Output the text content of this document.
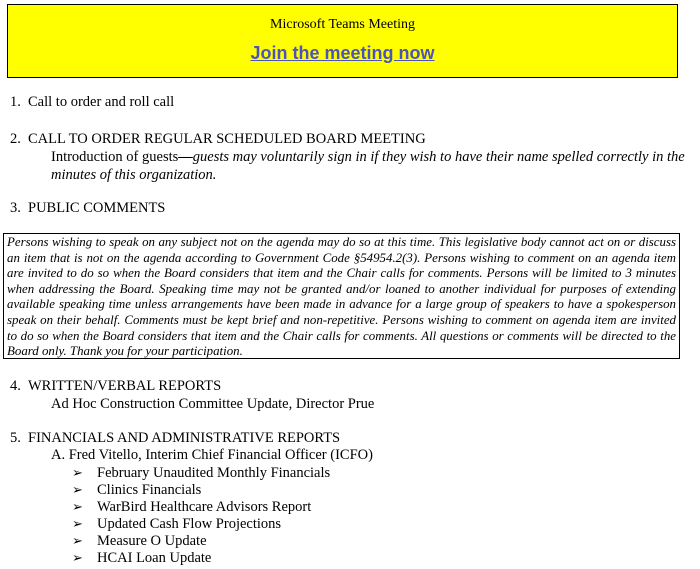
Microsoft Teams Meeting
Join the meeting now
1. Call to order and roll call
2. CALL TO ORDER REGULAR SCHEDULED BOARD MEETING
Introduction of guests—guests may voluntarily sign in if they wish to have their name spelled correctly in the
minutes of this organization.
3. PUBLIC COMMENTS
Persons wishing to speak on any subject not on the agenda may do so at this time. This legislative body cannot act on or discuss an item that is not on the agenda according to Government Code §54954.2(3). Persons wishing to comment on an agenda item are invited to do so when the Board considers that item and the Chair calls for comments. Persons will be limited to 3 minutes when addressing the Board. Speaking time may not be granted and/or loaned to another individual for purposes of extending available speaking time unless arrangements have been made in advance for a large group of speakers to have a spokesperson speak on their behalf. Comments must be kept brief and non-repetitive. Persons wishing to comment on agenda item are invited to do so when the Board considers that item and the Chair calls for comments. All questions or comments will be directed to the Board only. Thank you for your participation.
4. WRITTEN/VERBAL REPORTS
Ad Hoc Construction Committee Update, Director Prue
5. FINANCIALS AND ADMINISTRATIVE REPORTS
A. Fred Vitello, Interim Chief Financial Officer (ICFO)
➢ February Unaudited Monthly Financials
➢ Clinics Financials
➢ WarBird Healthcare Advisors Report
➢ Updated Cash Flow Projections
➢ Measure O Update
➢ HCAI Loan Update
